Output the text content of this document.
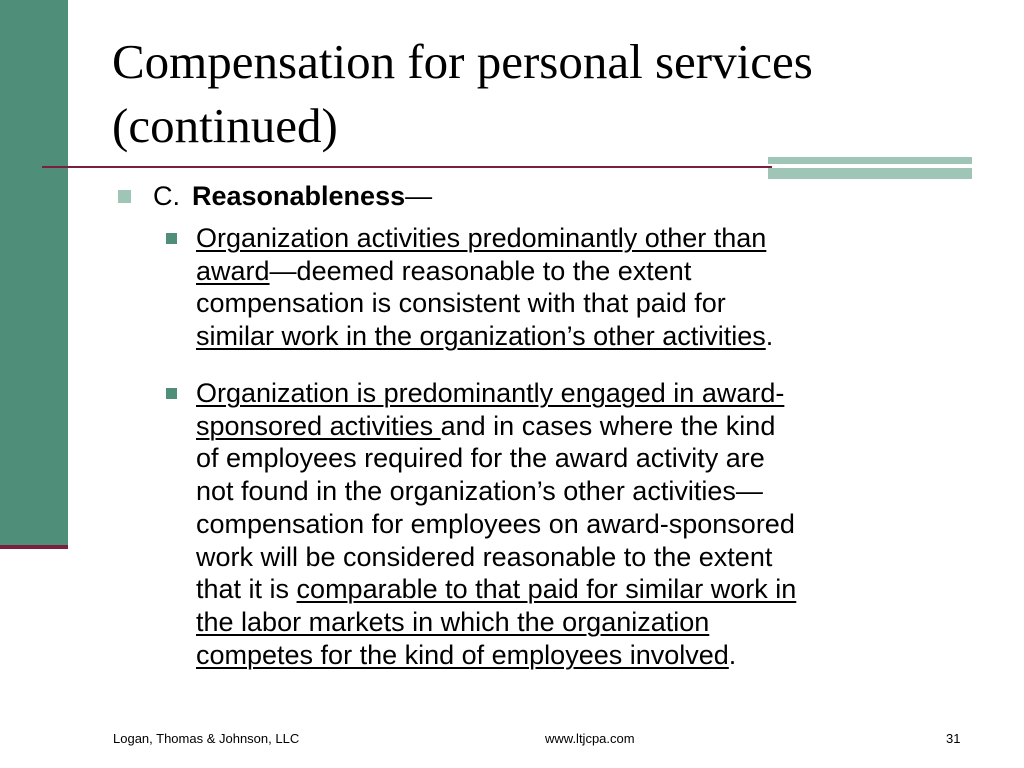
Compensation for personal services
(continued)
C. Reasonableness—
Organization activities predominantly other than
award—deemed reasonable to the extent
compensation is consistent with that paid for
similar work in the organization’s other activities.
Organization is predominantly engaged in award-
sponsored activities and in cases where the kind
of employees required for the award activity are
not found in the organization’s other activities—
compensation for employees on award-sponsored
work will be considered reasonable to the extent
that it is comparable to that paid for similar work in
the labor markets in which the organization
competes for the kind of employees involved.
Logan, Thomas & Johnson, LLC	www.ltjcpa.com	31
